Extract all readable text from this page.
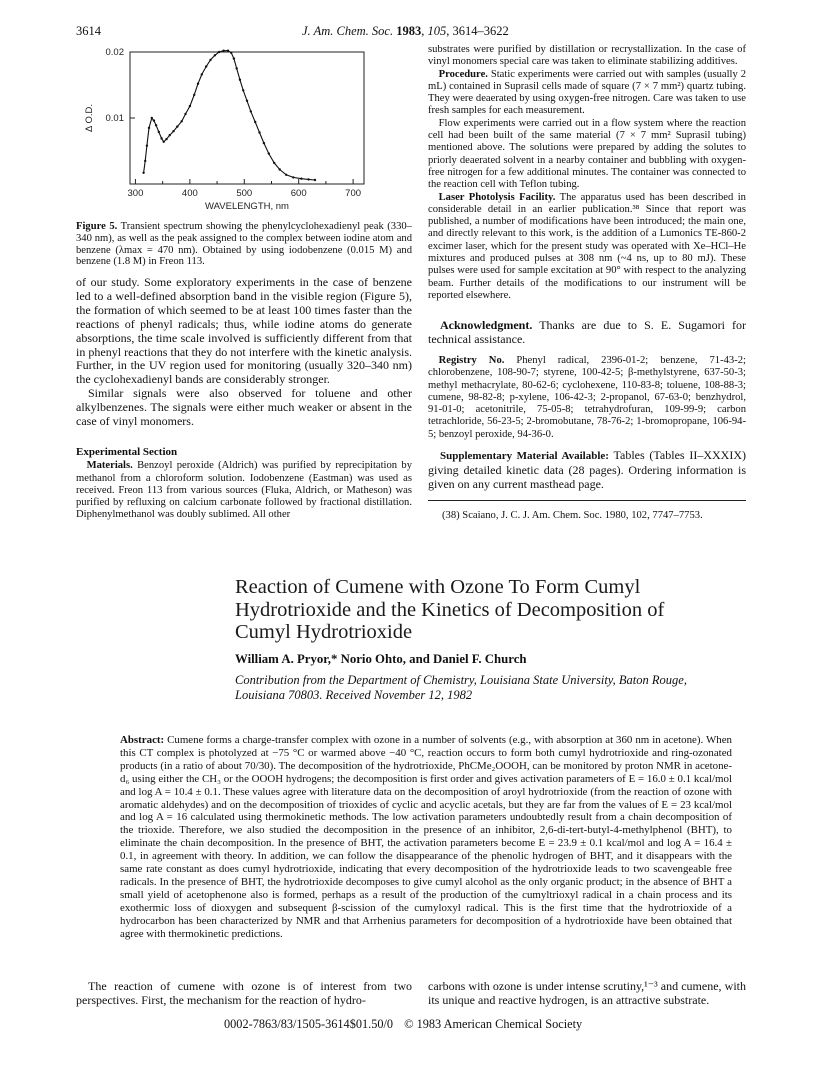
3614	J. Am. Chem. Soc. 1983, 105, 3614–3622
300	400	500	600	700
0.01
0.02
WAVELENGTH, nm
Δ O.D.
Figure 5. Transient spectrum showing the phenylcyclohexadienyl peak (330–340 nm), as well as the peak assigned to the complex between iodine atom and benzene (λmax = 470 nm). Obtained by using iodobenzene (0.015 M) and benzene (1.8 M) in Freon 113.

of our study. Some exploratory experiments in the case of benzene led to a well-defined absorption band in the visible region (Figure 5), the formation of which seemed to be at least 100 times faster than the reactions of phenyl radicals; thus, while iodine atoms do generate absorptions, the time scale involved is sufficiently different from that in phenyl reactions that they do not interfere with the kinetic analysis. Further, in the UV region used for monitoring (usually 320–340 nm) the cyclohexadienyl bands are considerably stronger.

Similar signals were also observed for toluene and other alkylbenzenes. The signals were either much weaker or absent in the case of vinyl monomers.

Experimental Section

Materials. Benzoyl peroxide (Aldrich) was purified by reprecipitation by methanol from a chloroform solution. Iodobenzene (Eastman) was used as received. Freon 113 from various sources (Fluka, Aldrich, or Matheson) was purified by refluxing on calcium carbonate followed by fractional distillation. Diphenylmethanol was doubly sublimed. All other

substrates were purified by distillation or recrystallization. In the case of vinyl monomers special care was taken to eliminate stabilizing additives.

Procedure. Static experiments were carried out with samples (usually 2 mL) contained in Suprasil cells made of square (7 × 7 mm²) quartz tubing. They were deaerated by using oxygen-free nitrogen. Care was taken to use fresh samples for each measurement.

Flow experiments were carried out in a flow system where the reaction cell had been built of the same material (7 × 7 mm² Suprasil tubing) mentioned above. The solutions were prepared by adding the solutes to priorly deaerated solvent in a nearby container and bubbling with oxygen-free nitrogen for a few additional minutes. The container was connected to the reaction cell with Teflon tubing.

Laser Photolysis Facility. The apparatus used has been described in considerable detail in an earlier publication.³⁸ Since that report was published, a number of modifications have been introduced; the main one, and directly relevant to this work, is the addition of a Lumonics TE-860-2 excimer laser, which for the present study was operated with Xe–HCl–He mixtures and produced pulses at 308 nm (~4 ns, up to 80 mJ). These pulses were used for sample excitation at 90° with respect to the analyzing beam. Further details of the modifications to our instrument will be reported elsewhere.

Acknowledgment. Thanks are due to S. E. Sugamori for technical assistance.

Registry No. Phenyl radical, 2396-01-2; benzene, 71-43-2; chlorobenzene, 108-90-7; styrene, 100-42-5; β-methylstyrene, 637-50-3; methyl methacrylate, 80-62-6; cyclohexene, 110-83-8; toluene, 108-88-3; cumene, 98-82-8; p-xylene, 106-42-3; 2-propanol, 67-63-0; benzhydrol, 91-01-0; acetonitrile, 75-05-8; tetrahydrofuran, 109-99-9; carbon tetrachloride, 56-23-5; 2-bromobutane, 78-76-2; 1-bromopropane, 106-94-5; benzoyl peroxide, 94-36-0.

Supplementary Material Available: Tables (Tables II–XXXIX) giving detailed kinetic data (28 pages). Ordering information is given on any current masthead page.

(38) Scaiano, J. C. J. Am. Chem. Soc. 1980, 102, 7747–7753.
Reaction of Cumene with Ozone To Form Cumyl Hydrotrioxide and the Kinetics of Decomposition of Cumyl Hydrotrioxide
William A. Pryor,* Norio Ohto, and Daniel F. Church
Contribution from the Department of Chemistry, Louisiana State University, Baton Rouge, Louisiana 70803. Received November 12, 1982
Abstract: Cumene forms a charge-transfer complex with ozone in a number of solvents (e.g., with absorption at 360 nm in acetone). When this CT complex is photolyzed at −75 °C or warmed above −40 °C, reaction occurs to form both cumyl hydrotrioxide and ring-ozonated products (in a ratio of about 70/30). The decomposition of the hydrotrioxide, PhCMe₂OOOH, can be monitored by proton NMR in acetone-d₆ using either the CH₃ or the OOOH hydrogens; the decomposition is first order and gives activation parameters of E = 16.0 ± 0.1 kcal/mol and log A = 10.4 ± 0.1. These values agree with literature data on the decomposition of aroyl hydrotrioxide (from the reaction of ozone with aromatic aldehydes) and on the decomposition of trioxides of cyclic and acyclic acetals, but they are far from the values of E = 23 kcal/mol and log A = 16 calculated using thermokinetic methods. The low activation parameters undoubtedly result from a chain decomposition of the trioxide. Therefore, we also studied the decomposition in the presence of an inhibitor, 2,6-di-tert-butyl-4-methylphenol (BHT), to eliminate the chain decomposition. In the presence of BHT, the activation parameters become E = 23.9 ± 0.1 kcal/mol and log A = 16.4 ± 0.1, in agreement with theory. In addition, we can follow the disappearance of the phenolic hydrogen of BHT, and it disappears with the same rate constant as does cumyl hydrotrioxide, indicating that every decomposition of the hydrotrioxide leads to two scavengeable free radicals. In the presence of BHT, the hydrotrioxide decomposes to give cumyl alcohol as the only organic product; in the absence of BHT a small yield of acetophenone also is formed, perhaps as a result of the production of the cumyltrioxyl radical in a chain process and its exothermic loss of dioxygen and subsequent β-scission of the cumyloxyl radical. This is the first time that the hydrotrioxide of a hydrocarbon has been characterized by NMR and that Arrhenius parameters for decomposition of a hydrotrioxide have been obtained that agree with thermokinetic predictions.

The reaction of cumene with ozone is of interest from two perspectives. First, the mechanism for the reaction of hydro-

carbons with ozone is under intense scrutiny,¹⁻³ and cumene, with its unique and reactive hydrogen, is an attractive substrate.

0002-7863/83/1505-3614$01.50/0 © 1983 American Chemical Society
